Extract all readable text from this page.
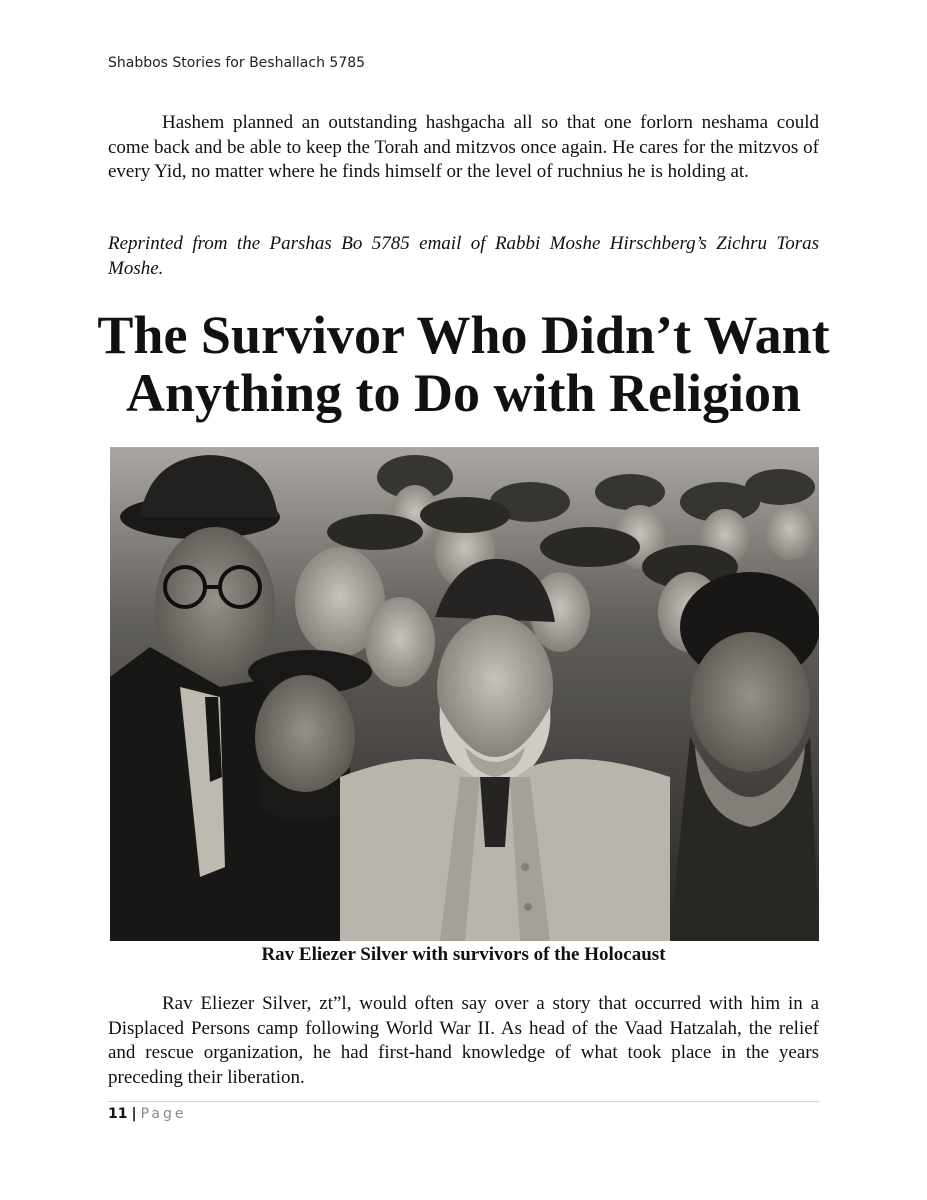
Shabbos Stories for Beshallach 5785

Hashem planned an outstanding hashgacha all so that one forlorn neshama could come back and be able to keep the Torah and mitzvos once again. He cares for the mitzvos of every Yid, no matter where he finds himself or the level of ruchnius he is holding at.

Reprinted from the Parshas Bo 5785 email of Rabbi Moshe Hirschberg’s Zichru Toras Moshe.

The Survivor Who Didn’t Want
Anything to Do with Religion
Rav Eliezer Silver with survivors of the Holocaust

Rav Eliezer Silver, zt”l, would often say over a story that occurred with him in a Displaced Persons camp following World War II. As head of the Vaad Hatzalah, the relief and rescue organization, he had first-hand knowledge of what took place in the years preceding their liberation.

11 | Page
